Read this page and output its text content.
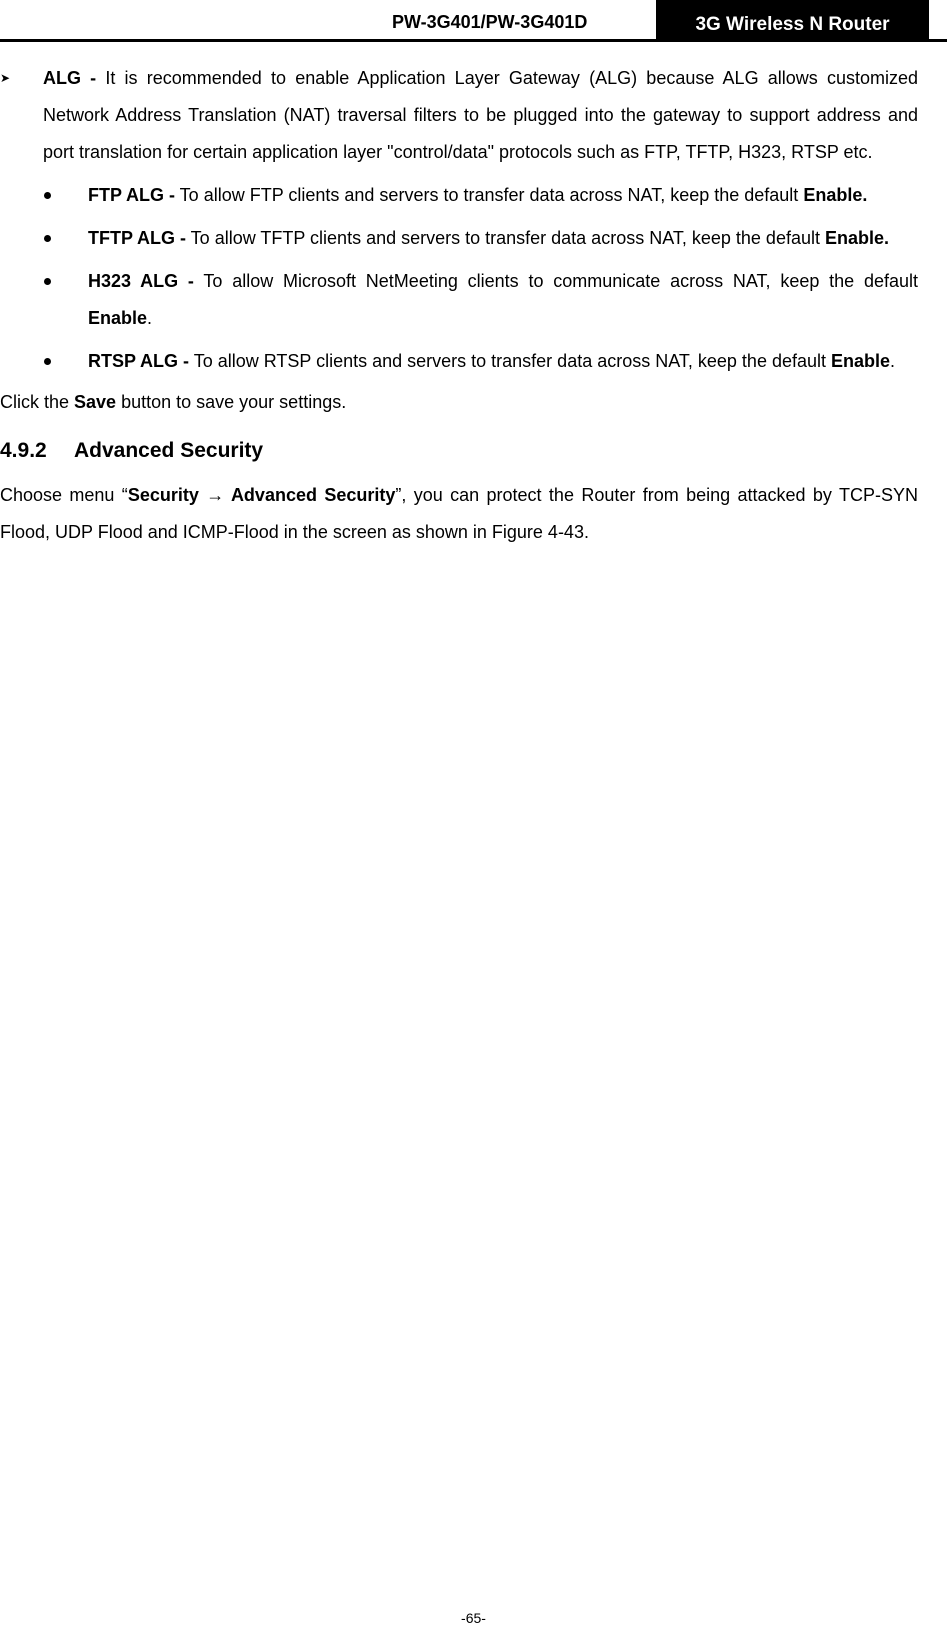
PW-3G401/PW-3G401D	3G Wireless N Router

➤ ALG - It is recommended to enable Application Layer Gateway (ALG) because ALG allows customized Network Address Translation (NAT) traversal filters to be plugged into the gateway to support address and port translation for certain application layer "control/data" protocols such as FTP, TFTP, H323, RTSP etc.

FTP ALG - To allow FTP clients and servers to transfer data across NAT, keep the default Enable.

TFTP ALG - To allow TFTP clients and servers to transfer data across NAT, keep the default Enable.

H323 ALG - To allow Microsoft NetMeeting clients to communicate across NAT, keep the default Enable.

RTSP ALG - To allow RTSP clients and servers to transfer data across NAT, keep the default Enable.

Click the Save button to save your settings.

4.9.2 Advanced Security

Choose menu “Security → Advanced Security”, you can protect the Router from being attacked by TCP-SYN Flood, UDP Flood and ICMP-Flood in the screen as shown in Figure 4-43.

-65-
